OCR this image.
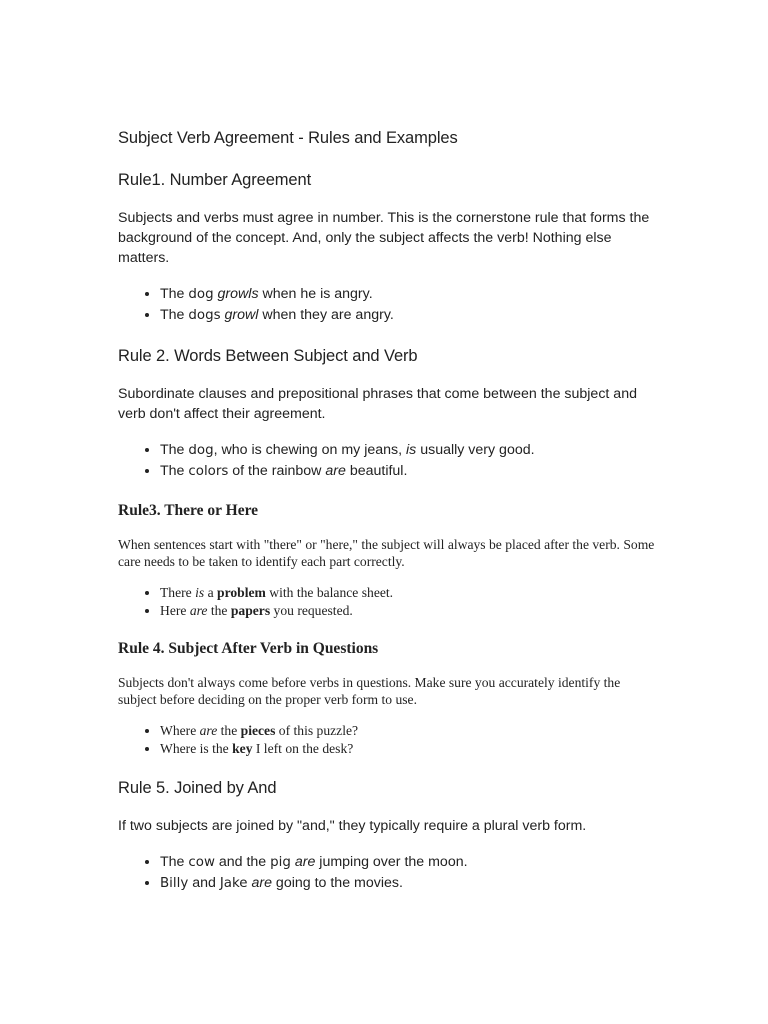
Subject Verb Agreement - Rules and Examples
Rule1. Number Agreement

Subjects and verbs must agree in number. This is the cornerstone rule that forms the background of the concept. And, only the subject affects the verb! Nothing else matters.

• The dog growls when he is angry.
• The dogs growl when they are angry.
Rule 2. Words Between Subject and Verb

Subordinate clauses and prepositional phrases that come between the subject and verb don't affect their agreement.

• The dog, who is chewing on my jeans, is usually very good.
• The colors of the rainbow are beautiful.
Rule3. There or Here

When sentences start with "there" or "here," the subject will always be placed after the verb. Some care needs to be taken to identify each part correctly.

• There is a problem with the balance sheet.
• Here are the papers you requested.
Rule 4. Subject After Verb in Questions

Subjects don't always come before verbs in questions. Make sure you accurately identify the subject before deciding on the proper verb form to use.

• Where are the pieces of this puzzle?
• Where is the key I left on the desk?
Rule 5. Joined by And

If two subjects are joined by "and," they typically require a plural verb form.

• The cow and the pig are jumping over the moon.
• Billy and Jake are going to the movies.
